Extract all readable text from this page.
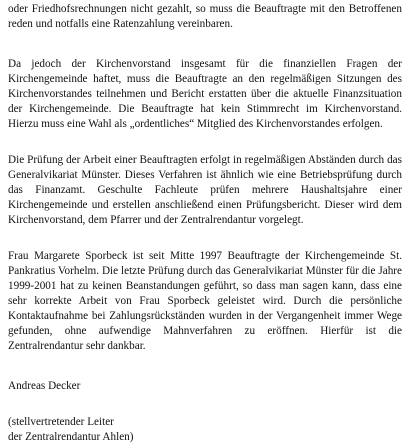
oder Friedhofsrechnungen nicht gezahlt, so muss die Beauftragte mit den Betroffenen reden und notfalls eine Ratenzahlung vereinbaren.

Da jedoch der Kirchenvorstand insgesamt für die finanziellen Fragen der Kirchengemeinde haftet, muss die Beauftragte an den regelmäßigen Sitzungen des Kirchenvorstandes teilnehmen und Bericht erstatten über die aktuelle Finanzsituation der Kirchengemeinde. Die Beauftragte hat kein Stimmrecht im Kirchenvorstand. Hierzu muss eine Wahl als „ordentliches“ Mitglied des Kirchenvorstandes erfolgen.

Die Prüfung der Arbeit einer Beauftragten erfolgt in regelmäßigen Abständen durch das Generalvikariat Münster. Dieses Verfahren ist ähnlich wie eine Betriebsprüfung durch das Finanzamt. Geschulte Fachleute prüfen mehrere Haushaltsjahre einer Kirchengemeinde und erstellen anschließend einen Prüfungsbericht. Dieser wird dem Kirchenvorstand, dem Pfarrer und der Zentralrendantur vorgelegt.

Frau Margarete Sporbeck ist seit Mitte 1997 Beauftragte der Kirchengemeinde St. Pankratius Vorhelm. Die letzte Prüfung durch das Generalvikariat Münster für die Jahre 1999-2001 hat zu keinen Beanstandungen geführt, so dass man sagen kann, dass eine sehr korrekte Arbeit von Frau Sporbeck geleistet wird. Durch die persönliche Kontaktaufnahme bei Zahlungsrückständen wurden in der Vergangenheit immer Wege gefunden, ohne aufwendige Mahnverfahren zu eröffnen. Hierfür ist die Zentralrendantur sehr dankbar.

Andreas Decker

(stellvertretender Leiter

der Zentralrendantur Ahlen)
